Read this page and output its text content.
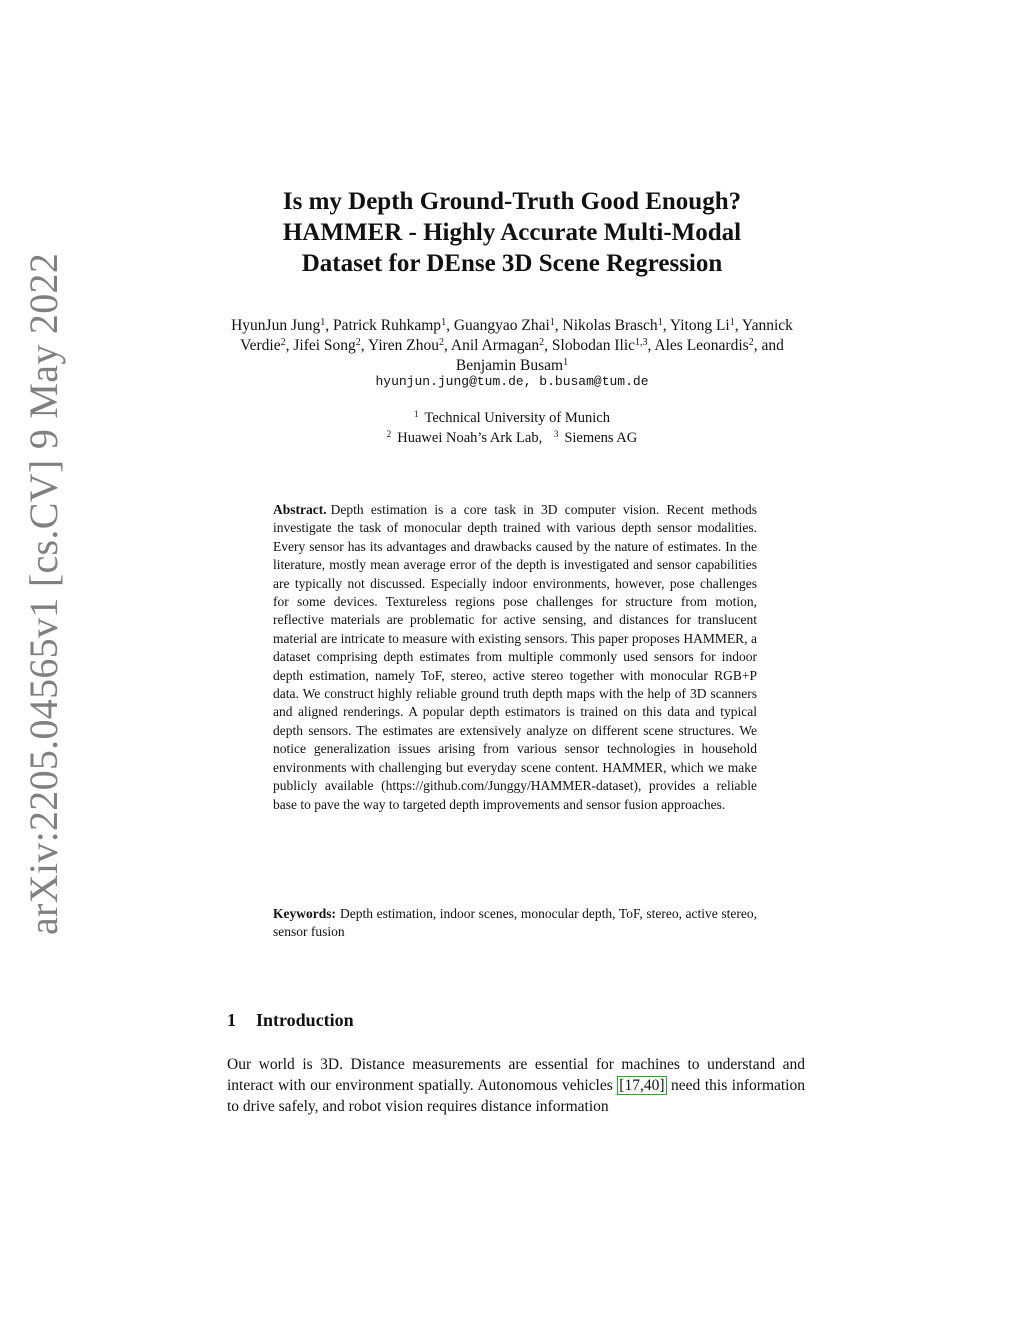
arXiv:2205.04565v1 [cs.CV] 9 May 2022
Is my Depth Ground-Truth Good Enough?
HAMMER - Highly Accurate Multi-Modal
Dataset for DEnse 3D Scene Regression
HyunJun Jung$^1$, Patrick Ruhkamp$^1$, Guangyao Zhai$^1$, Nikolas Brasch$^1$, Yitong Li$^1$, Yannick Verdie$^2$, Jifei Song$^2$, Yiren Zhou$^2$, Anil Armagan$^2$, Slobodan Ilic$^{1,3}$, Ales Leonardis$^2$, and Benjamin Busam$^1$
hyunjun.jung@tum.de, b.busam@tum.de
$^1$ Technical University of Munich
$^2$ Huawei Noah’s Ark Lab, $^3$ Siemens AG
Abstract. Depth estimation is a core task in 3D computer vision. Recent methods investigate the task of monocular depth trained with various depth sensor modalities. Every sensor has its advantages and drawbacks caused by the nature of estimates. In the literature, mostly mean average error of the depth is investigated and sensor capabilities are typically not discussed. Especially indoor environments, however, pose challenges for some devices. Textureless regions pose challenges for structure from motion, reflective materials are problematic for active sensing, and distances for translucent material are intricate to measure with existing sensors. This paper proposes HAMMER, a dataset comprising depth estimates from multiple commonly used sensors for indoor depth estimation, namely ToF, stereo, active stereo together with monocular RGB+P data. We construct highly reliable ground truth depth maps with the help of 3D scanners and aligned renderings. A popular depth estimators is trained on this data and typical depth sensors. The estimates are extensively analyze on different scene structures. We notice generalization issues arising from various sensor technologies in household environments with challenging but everyday scene content. HAMMER, which we make publicly available (https://github.com/Junggy/HAMMER-dataset), provides a reliable base to pave the way to targeted depth improvements and sensor fusion approaches.
Keywords: Depth estimation, indoor scenes, monocular depth, ToF, stereo, active stereo, sensor fusion
1 Introduction
Our world is 3D. Distance measurements are essential for machines to understand and interact with our environment spatially. Autonomous vehicles [17,40] need this information to drive safely, and robot vision requires distance information
